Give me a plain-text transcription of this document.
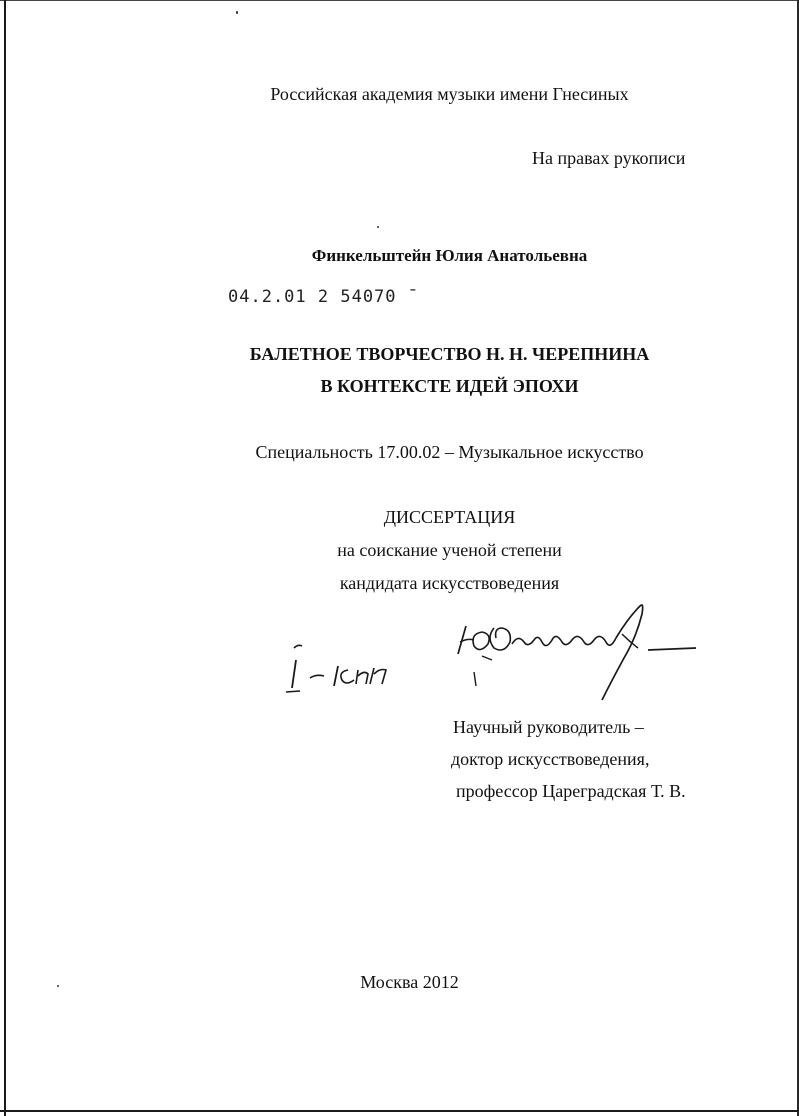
Российская академия музыки имени Гнесиных
На правах рукописи
Финкельштейн Юлия Анатольевна
04.2.01 2 54070 ˉ
БАЛЕТНОЕ ТВОРЧЕСТВО Н. Н. ЧЕРЕПНИНА
В КОНТЕКСТЕ ИДЕЙ ЭПОХИ
Специальность 17.00.02 – Музыкальное искусство
ДИССЕРТАЦИЯ
на соискание ученой степени
кандидата искусствоведения
Научный руководитель –
доктор искусствоведения,
профессор Цареградская Т. В.
Москва 2012
